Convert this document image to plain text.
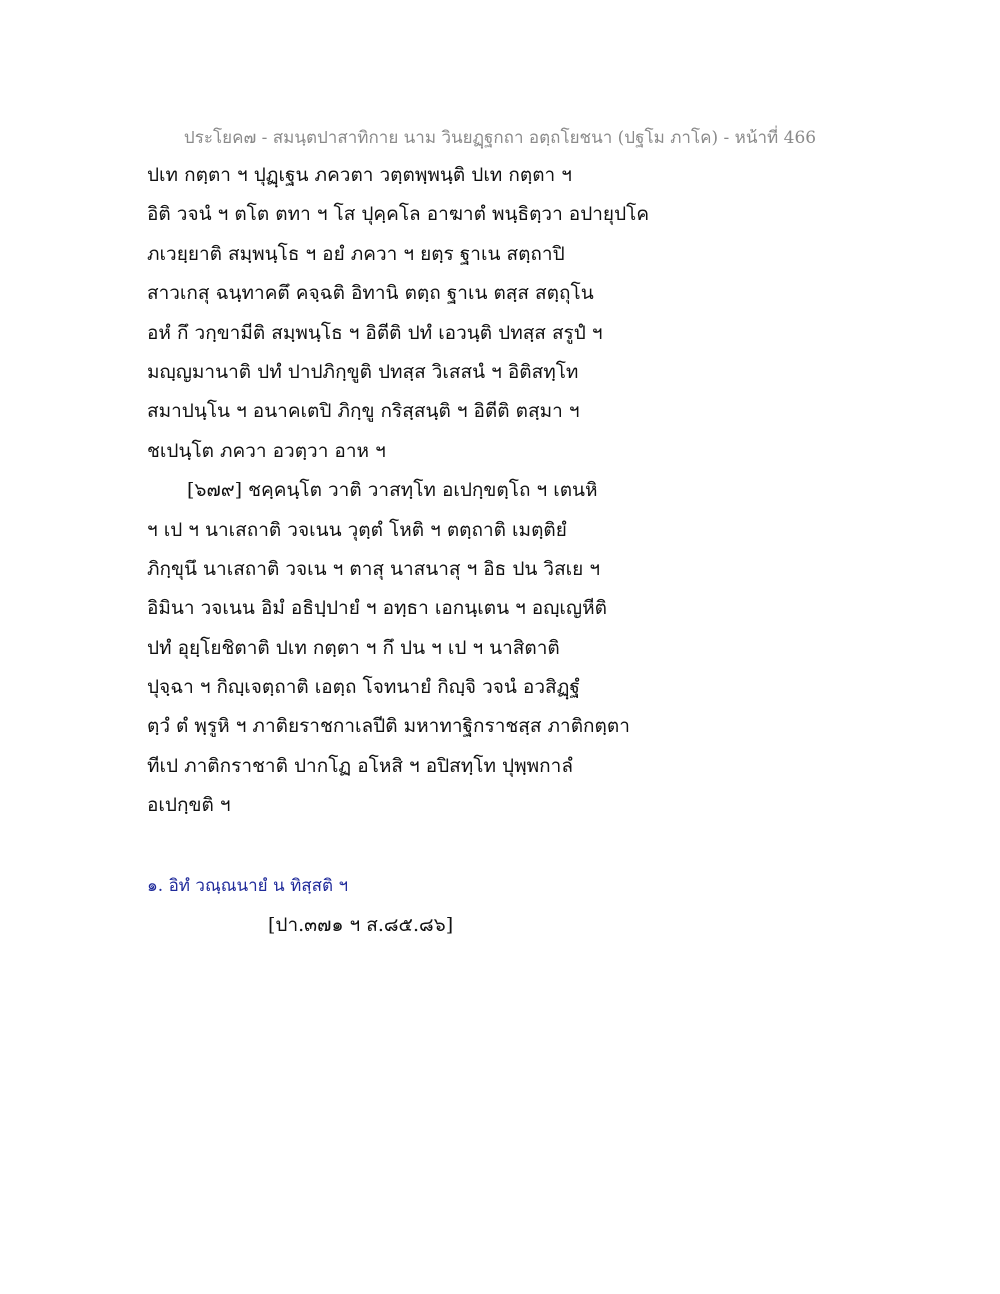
ประโยค๗ - สมนฺตปาสาทิกาย นาม วินยฏฺฐกถา อตฺถโยชนา (ปฐโม ภาโค) - หน้าที่ 466
ปเท กตฺตา ฯ ปุฏฺเฐน ภควตา วตฺตพฺพนฺติ ปเท กตฺตา ฯ
อิติ วจนํ ฯ ตโต ตทา ฯ โส ปุคฺคโล อาฆาตํ พนฺธิตฺวา อปายุปโค
ภเวยฺยาติ สมฺพนฺโธ ฯ อยํ ภควา ฯ ยตฺร ฐาเน สตฺถาปิ
สาวเกสุ ฉนฺทาคตึ คจฺฉติ อิทานิ ตตฺถ ฐาเน ตสฺส สตฺถุโน
อหํ กึ วกฺขามีติ สมฺพนฺโธ ฯ อิตีติ ปทํ เอวนฺติ ปทสฺส สรูปํ ฯ
มญฺญมานาติ ปทํ ปาปภิกฺขูติ ปทสฺส วิเสสนํ ฯ อิติสทฺโท
สมาปนฺโน ฯ อนาคเตปิ ภิกฺขู กริสฺสนฺติ ฯ อิตีติ ตสฺมา ฯ
ชเปนฺโต ภควา อวตฺวา อาห ฯ
[๖๗๙] ชคฺคนฺโต วาติ วาสทฺโท อเปกฺขตฺโถ ฯ เตนหิ
ฯ เป ฯ นาเสถาติ วจเนน วุตฺตํ โหติ ฯ ตตฺถาติ เมตฺติยํ
ภิกฺขุนึ นาเสถาติ วจเน ฯ ตาสุ นาสนาสุ ฯ อิธ ปน วิสเย ฯ
อิมินา วจเนน อิมํ อธิปฺปายํ ฯ อทฺธา เอกนฺเตน ฯ อญฺเญหีติ
ปทํ อุยฺโยชิตาติ ปเท กตฺตา ฯ กึ ปน ฯ เป ฯ นาสิตาติ
ปุจฺฉา ฯ กิญฺเจตฺถาติ เอตฺถ โจทนายํ กิญฺจิ วจนํ อวสิฏฺฐํ
ตฺวํ ตํ พฺรูหิ ฯ ภาติยราชกาเลปีติ มหาทาฐิกราชสฺส ภาติกตฺตา
ทีเป ภาติกราชาติ ปากโฏ อโหสิ ฯ อปิสทฺโท ปุพฺพกาลํ
อเปกฺขติ ฯ
๑. อิทํ วณฺณนายํ น ทิสฺสติ ฯ
[ปา.๓๗๑ ฯ ส.๘๕.๘๖]
